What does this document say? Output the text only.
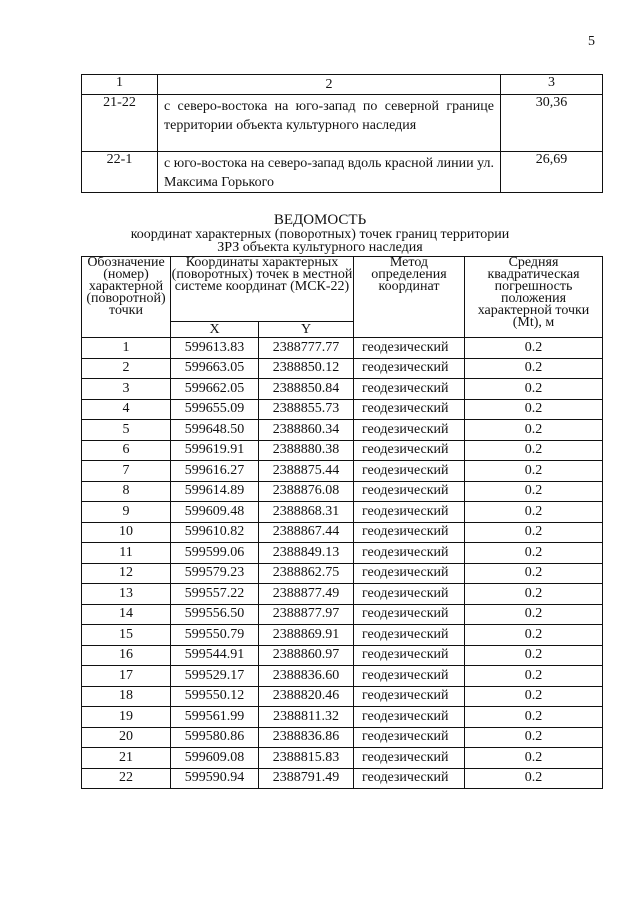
5
1	2	3
21-22	с северо-востока на юго-запад по северной границе территории объекта культурного наследия	30,36
22-1	с юго-востока на северо-запад вдоль красной линии ул. Максима Горького	26,69
ВЕДОМОСТЬ
координат характерных (поворотных) точек границ территории
ЗРЗ объекта культурного наследия
Обозначение (номер) характерной (поворотной) точки	Координаты характерных (поворотных) точек в местной системе координат (МСК-22)		Метод определения координат	Средняя квадратическая погрешность положения характерной точки (Mt), м
	X	Y		
1	599613.83	2388777.77	геодезический	0.2
2	599663.05	2388850.12	геодезический	0.2
3	599662.05	2388850.84	геодезический	0.2
4	599655.09	2388855.73	геодезический	0.2
5	599648.50	2388860.34	геодезический	0.2
6	599619.91	2388880.38	геодезический	0.2
7	599616.27	2388875.44	геодезический	0.2
8	599614.89	2388876.08	геодезический	0.2
9	599609.48	2388868.31	геодезический	0.2
10	599610.82	2388867.44	геодезический	0.2
11	599599.06	2388849.13	геодезический	0.2
12	599579.23	2388862.75	геодезический	0.2
13	599557.22	2388877.49	геодезический	0.2
14	599556.50	2388877.97	геодезический	0.2
15	599550.79	2388869.91	геодезический	0.2
16	599544.91	2388860.97	геодезический	0.2
17	599529.17	2388836.60	геодезический	0.2
18	599550.12	2388820.46	геодезический	0.2
19	599561.99	2388811.32	геодезический	0.2
20	599580.86	2388836.86	геодезический	0.2
21	599609.08	2388815.83	геодезический	0.2
22	599590.94	2388791.49	геодезический	0.2
